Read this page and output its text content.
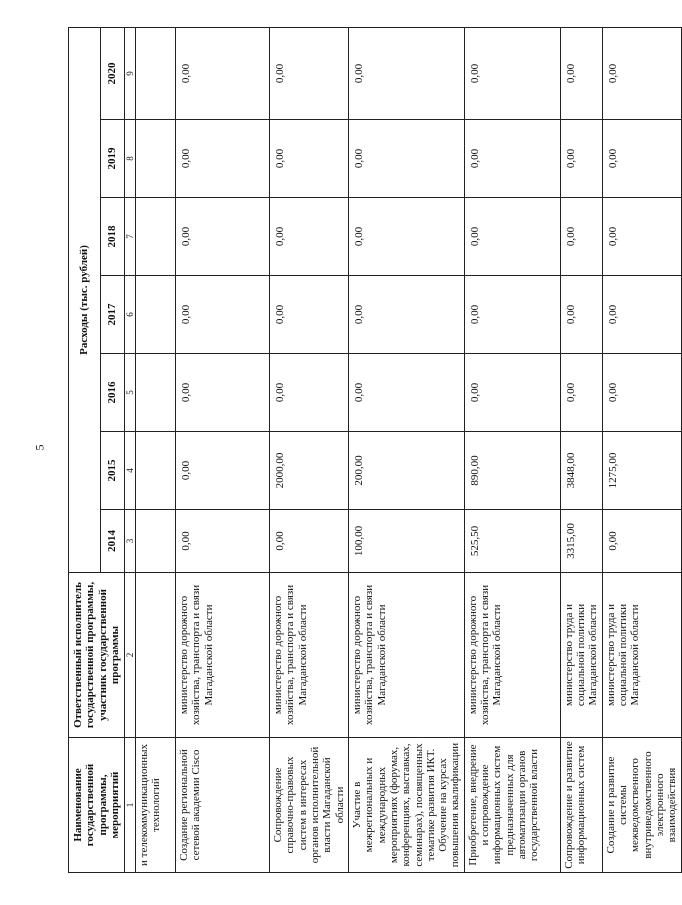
5
Наименование государственной программы, мероприятий	Ответственный исполнитель государственной программы, участник государственной программы	Расходы (тыс. рублей)						
		2014	2015	2016	2017	2018	2019	2020
1	2	3	4	5	6	7	8	9
и телекоммуникационных технологий								
Создание региональной сетевой академии Cisco	министерство дорожного хозяйства, транспорта и связи Магаданской области	0,00	0,00	0,00	0,00	0,00	0,00	0,00
Сопровождение справочно-правовых систем в интересах органов исполнительной власти Магаданской области	министерство дорожного хозяйства, транспорта и связи Магаданской области	0,00	2000,00	0,00	0,00	0,00	0,00	0,00
Участие в межрегиональных и международных мероприятиях (форумах, конференциях, выставках, семинарах), посвященных тематике развития ИКТ. Обучение на курсах повышения квалификации	министерство дорожного хозяйства, транспорта и связи Магаданской области	100,00	200,00	0,00	0,00	0,00	0,00	0,00
Приобретение, внедрение и сопровождение информационных систем предназначенных для автоматизации органов государственной власти	министерство дорожного хозяйства, транспорта и связи Магаданской области	525,50	890,00	0,00	0,00	0,00	0,00	0,00
Сопровождение и развитие информационных систем	министерство труда и социальной политики Магаданской области	3315,00	3848,00	0,00	0,00	0,00	0,00	0,00
Создание и развитие системы межведомственного внутриведомственного электронного взаимодействия	министерство труда и социальной политики Магаданской области	0,00	1275,00	0,00	0,00	0,00	0,00	0,00
